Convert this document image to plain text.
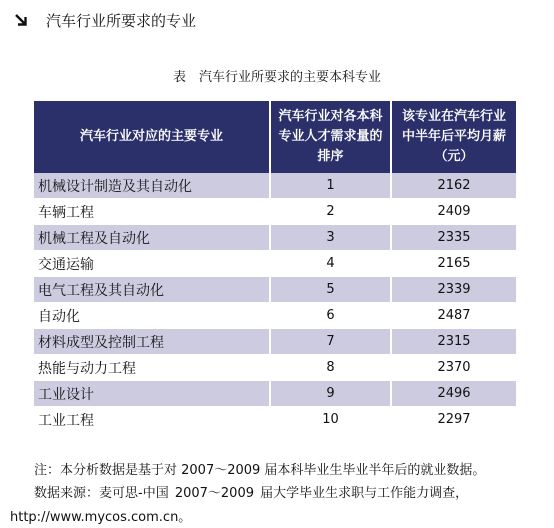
汽车行业所要求的专业
表　汽车行业所要求的主要本科专业
汽车行业对应的主要专业	汽车行业对各本科专业人才需求量的排序	该专业在汽车行业中半年后平均月薪（元）
机械设计制造及其自动化	1	2162
车辆工程	2	2409
机械工程及自动化	3	2335
交通运输	4	2165
电气工程及其自动化	5	2339
自动化	6	2487
材料成型及控制工程	7	2315
热能与动力工程	8	2370
工业设计	9	2496
工业工程	10	2297
注：本分析数据是基于对 2007～2009 届本科毕业生毕业半年后的就业数据。
数据来源：麦可思-中国 2007～2009 届大学毕业生求职与工作能力调查，
http://www.mycos.com.cn。
